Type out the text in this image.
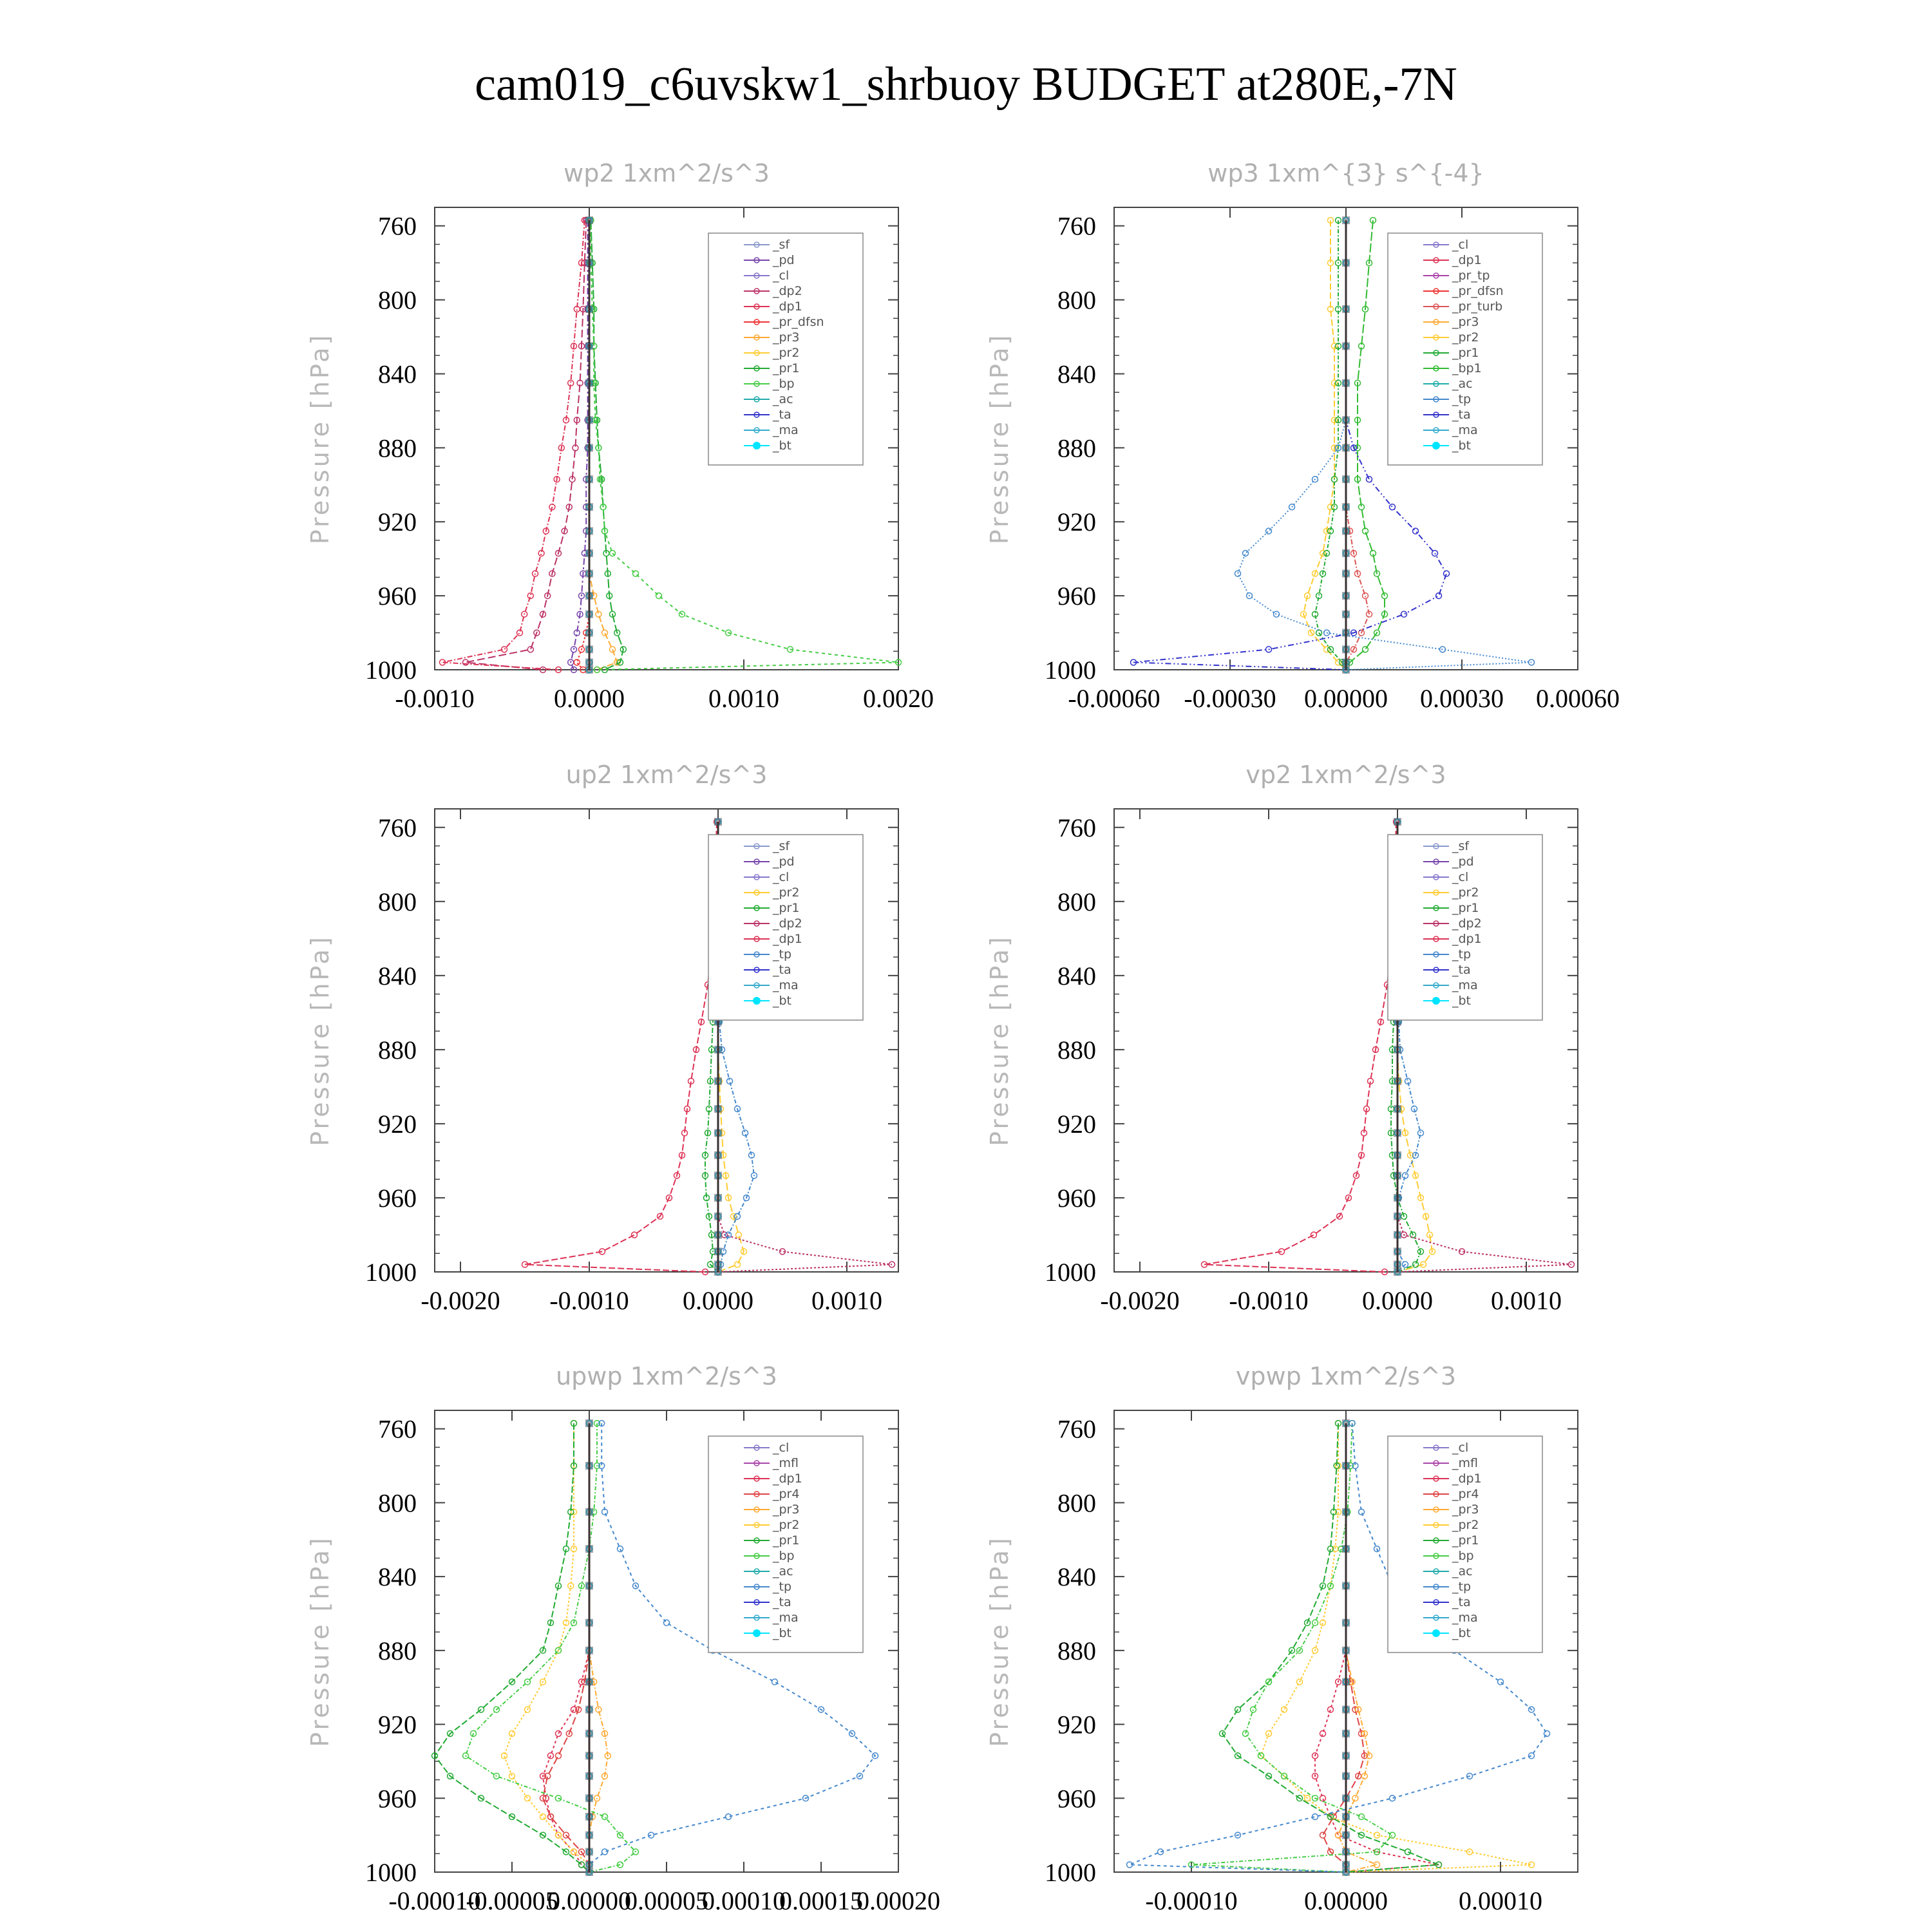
cam019_c6uvskw1_shrbuoy BUDGET at280E,-7N
wp2 1xm^2/s^3
Pressure [hPa]
760
800
840
880
920
960
1000
-0.0010	0.0000	0.0010	0.0020
_sf
_pd
_cl
_dp2
_dp1
_pr_dfsn
_pr3
_pr2
_pr1
_bp
_ac
_ta
_ma
_bt
wp3 1xm^{3} s^{-4}
Pressure [hPa]
760
800
840
880
920
960
1000
-0.00060 -0.00030 0.00000 0.00030 0.00060
_cl
_dp1
_pr_tp
_pr_dfsn
_pr_turb
_pr3
_pr2
_pr1
_bp1
_ac
_tp
_ta
_ma
_bt
up2 1xm^2/s^3
Pressure [hPa]
760
800
840
880
920
960
1000
-0.0020 -0.0010 0.0000 0.0010
_sf
_pd
_cl
_pr2
_pr1
_dp2
_dp1
_tp
_ta
_ma
_bt
vp2 1xm^2/s^3
Pressure [hPa]
760
800
840
880
920
960
1000
-0.0020 -0.0010 0.0000 0.0010
_sf
_pd
_cl
_pr2
_pr1
_dp2
_dp1
_tp
_ta
_ma
_bt
upwp 1xm^2/s^3
Pressure [hPa]
760
800
840
880
920
960
1000
-0.00010
-0.00005
0.00000
0.00005
0.00010
0.00015
0.00020
_cl
_mfl
_dp1
_pr4
_pr3
_pr2
_pr1
_bp
_ac
_tp
_ta
_ma
_bt
vpwp 1xm^2/s^3
Pressure [hPa]
760
800
840
880
920
960
1000
-0.00010	0.00000	0.00010
_cl
_mfl
_dp1
_pr4
_pr3
_pr2
_pr1
_bp
_ac
_tp
_ta
_ma
_bt
